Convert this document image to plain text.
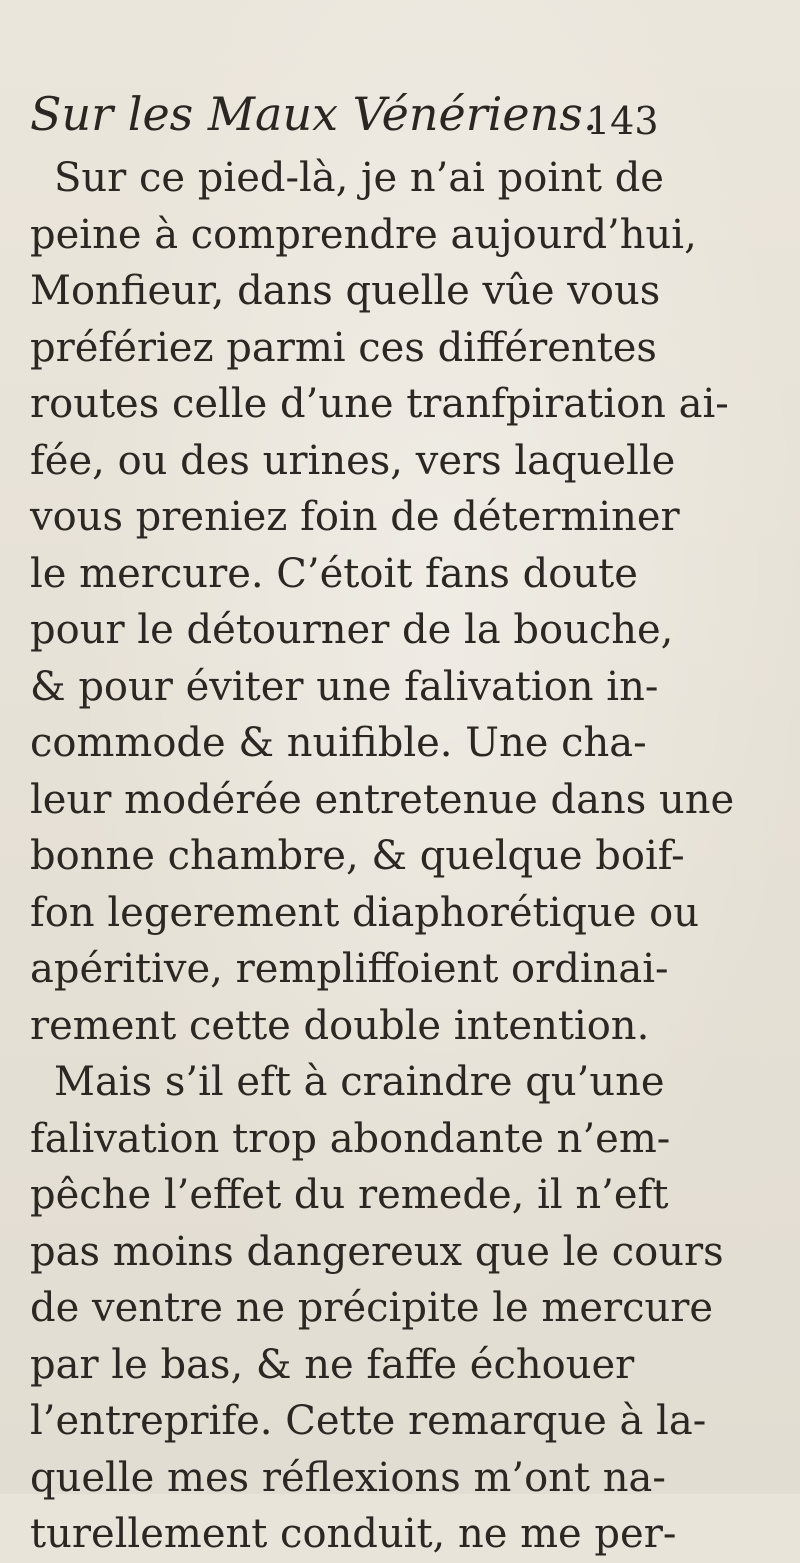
Sur les Maux Vénériens.
143
Sur ce pied-là, je n’ai point de
peine à comprendre aujourd’hui,
Monfieur, dans quelle vûe vous
préfériez parmi ces différentes
routes celle d’une tranfpiration ai-
fée, ou des urines, vers laquelle
vous preniez foin de déterminer
le mercure. C’étoit fans doute
pour le détourner de la bouche,
& pour éviter une falivation in-
commode & nuifible. Une cha-
leur modérée entretenue dans une
bonne chambre, & quelque boif-
fon legerement diaphorétique ou
apéritive, rempliffoient ordinai-
rement cette double intention.
Mais s’il eft à craindre qu’une
falivation trop abondante n’em-
pêche l’effet du remede, il n’eft
pas moins dangereux que le cours
de ventre ne précipite le mercure
par le bas, & ne faffe échouer
l’entreprife. Cette remarque à la-
quelle mes réflexions m’ont na-
turellement conduit, ne me per-
